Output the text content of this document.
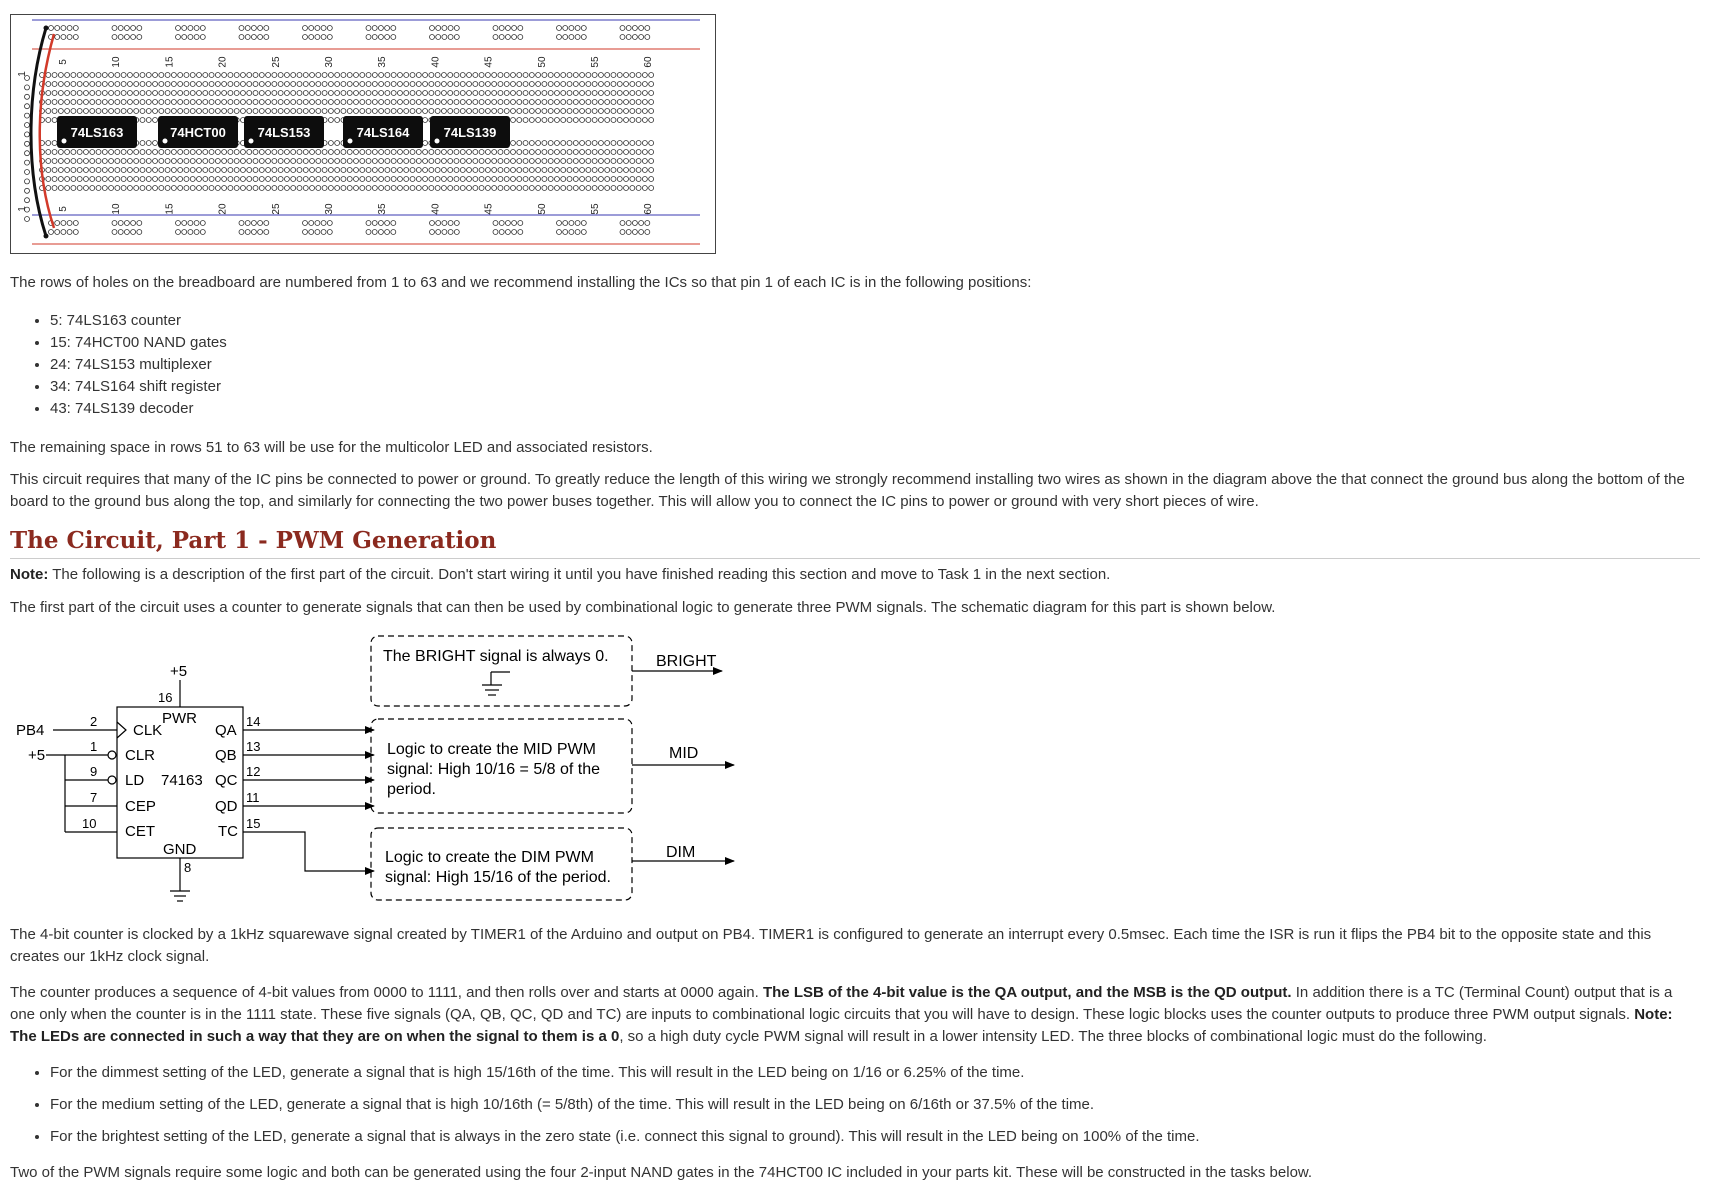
5
5
10
10
15
15
20
20
25
25
30
30
35
35
40
40
45
45
50
50
55
55
60
60
1
1
74LS163	74HCT00 74LS153	74LS164	74LS139

The rows of holes on the breadboard are numbered from 1 to 63 and we recommend installing the ICs so that pin 1 of each IC is in the following positions:

• 5: 74LS163 counter
• 15: 74HCT00 NAND gates
• 24: 74LS153 multiplexer
• 34: 74LS164 shift register
• 43: 74LS139 decoder

The remaining space in rows 51 to 63 will be use for the multicolor LED and associated resistors.

This circuit requires that many of the IC pins be connected to power or ground. To greatly reduce the length of this wiring we strongly recommend installing two wires as shown in the diagram above the that connect the ground bus along the bottom of the board to the ground bus along the top, and similarly for connecting the two power buses together. This will allow you to connect the IC pins to power or ground with very short pieces of wire.

The Circuit, Part 1 - PWM Generation

Note: The following is a description of the first part of the circuit. Don't start wiring it until you have finished reading this section and move to Task 1 in the next section.

The first part of the circuit uses a counter to generate signals that can then be used by combinational logic to generate three PWM signals. The schematic diagram for this part is shown below.

+5
16
PWR
PB4
+5
2
1
9
7
10
CLK
CLR
LD 74163
CEP
CET
QA
QB
QC
QD
TC
14
13
12
11
15
GND
8
The BRIGHT signal is always 0.
Logic to create the MID PWM
signal: High 10/16 = 5/8 of the
period.
Logic to create the DIM PWM
signal: High 15/16 of the period.
BRIGHT
MID
DIM

The 4-bit counter is clocked by a 1kHz squarewave signal created by TIMER1 of the Arduino and output on PB4. TIMER1 is configured to generate an interrupt every 0.5msec. Each time the ISR is run it flips the PB4 bit to the opposite state and this creates our 1kHz clock signal.

The counter produces a sequence of 4-bit values from 0000 to 1111, and then rolls over and starts at 0000 again. The LSB of the 4-bit value is the QA output, and the MSB is the QD output. In addition there is a TC (Terminal Count) output that is a one only when the counter is in the 1111 state. These five signals (QA, QB, QC, QD and TC) are inputs to combinational logic circuits that you will have to design. These logic blocks uses the counter outputs to produce three PWM output signals. Note: The LEDs are connected in such a way that they are on when the signal to them is a 0, so a high duty cycle PWM signal will result in a lower intensity LED. The three blocks of combinational logic must do the following.

• For the dimmest setting of the LED, generate a signal that is high 15/16th of the time. This will result in the LED being on 1/16 or 6.25% of the time.
• For the medium setting of the LED, generate a signal that is high 10/16th (= 5/8th) of the time. This will result in the LED being on 6/16th or 37.5% of the time.
• For the brightest setting of the LED, generate a signal that is always in the zero state (i.e. connect this signal to ground). This will result in the LED being on 100% of the time.

Two of the PWM signals require some logic and both can be generated using the four 2-input NAND gates in the 74HCT00 IC included in your parts kit. These will be constructed in the tasks below.
